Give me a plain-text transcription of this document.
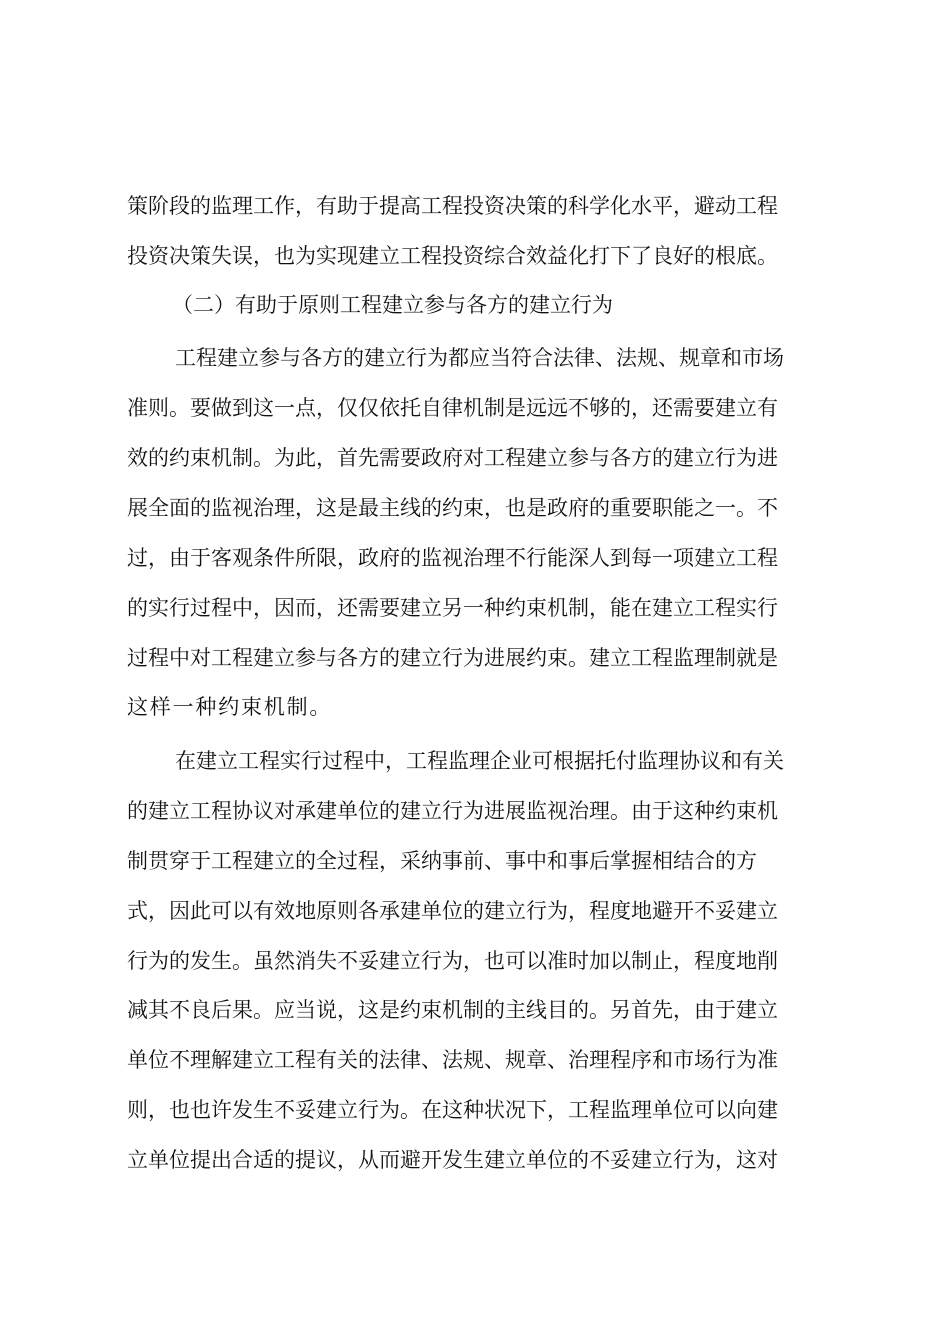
策阶段的监理工作，有助于提高工程投资决策的科学化水平，避动工程
投资决策失误，也为实现建立工程投资综合效益化打下了良好的根底。
（二）有助于原则工程建立参与各方的建立行为
工程建立参与各方的建立行为都应当符合法律、法规、规章和市场
准则。要做到这一点，仅仅依托自律机制是远远不够的，还需要建立有
效的约束机制。为此，首先需要政府对工程建立参与各方的建立行为进
展全面的监视治理，这是最主线的约束，也是政府的重要职能之一。不
过，由于客观条件所限，政府的监视治理不行能深人到每一项建立工程
的实行过程中，因而，还需要建立另一种约束机制，能在建立工程实行
过程中对工程建立参与各方的建立行为进展约束。建立工程监理制就是
这样一种约束机制。
在建立工程实行过程中，工程监理企业可根据托付监理协议和有关
的建立工程协议对承建单位的建立行为进展监视治理。由于这种约束机
制贯穿于工程建立的全过程，采纳事前、事中和事后掌握相结合的方
式，因此可以有效地原则各承建单位的建立行为，程度地避开不妥建立
行为的发生。虽然消失不妥建立行为，也可以准时加以制止，程度地削
减其不良后果。应当说，这是约束机制的主线目的。另首先，由于建立
单位不理解建立工程有关的法律、法规、规章、治理程序和市场行为准
则，也也许发生不妥建立行为。在这种状况下，工程监理单位可以向建
立单位提出合适的提议，从而避开发生建立单位的不妥建立行为，这对
